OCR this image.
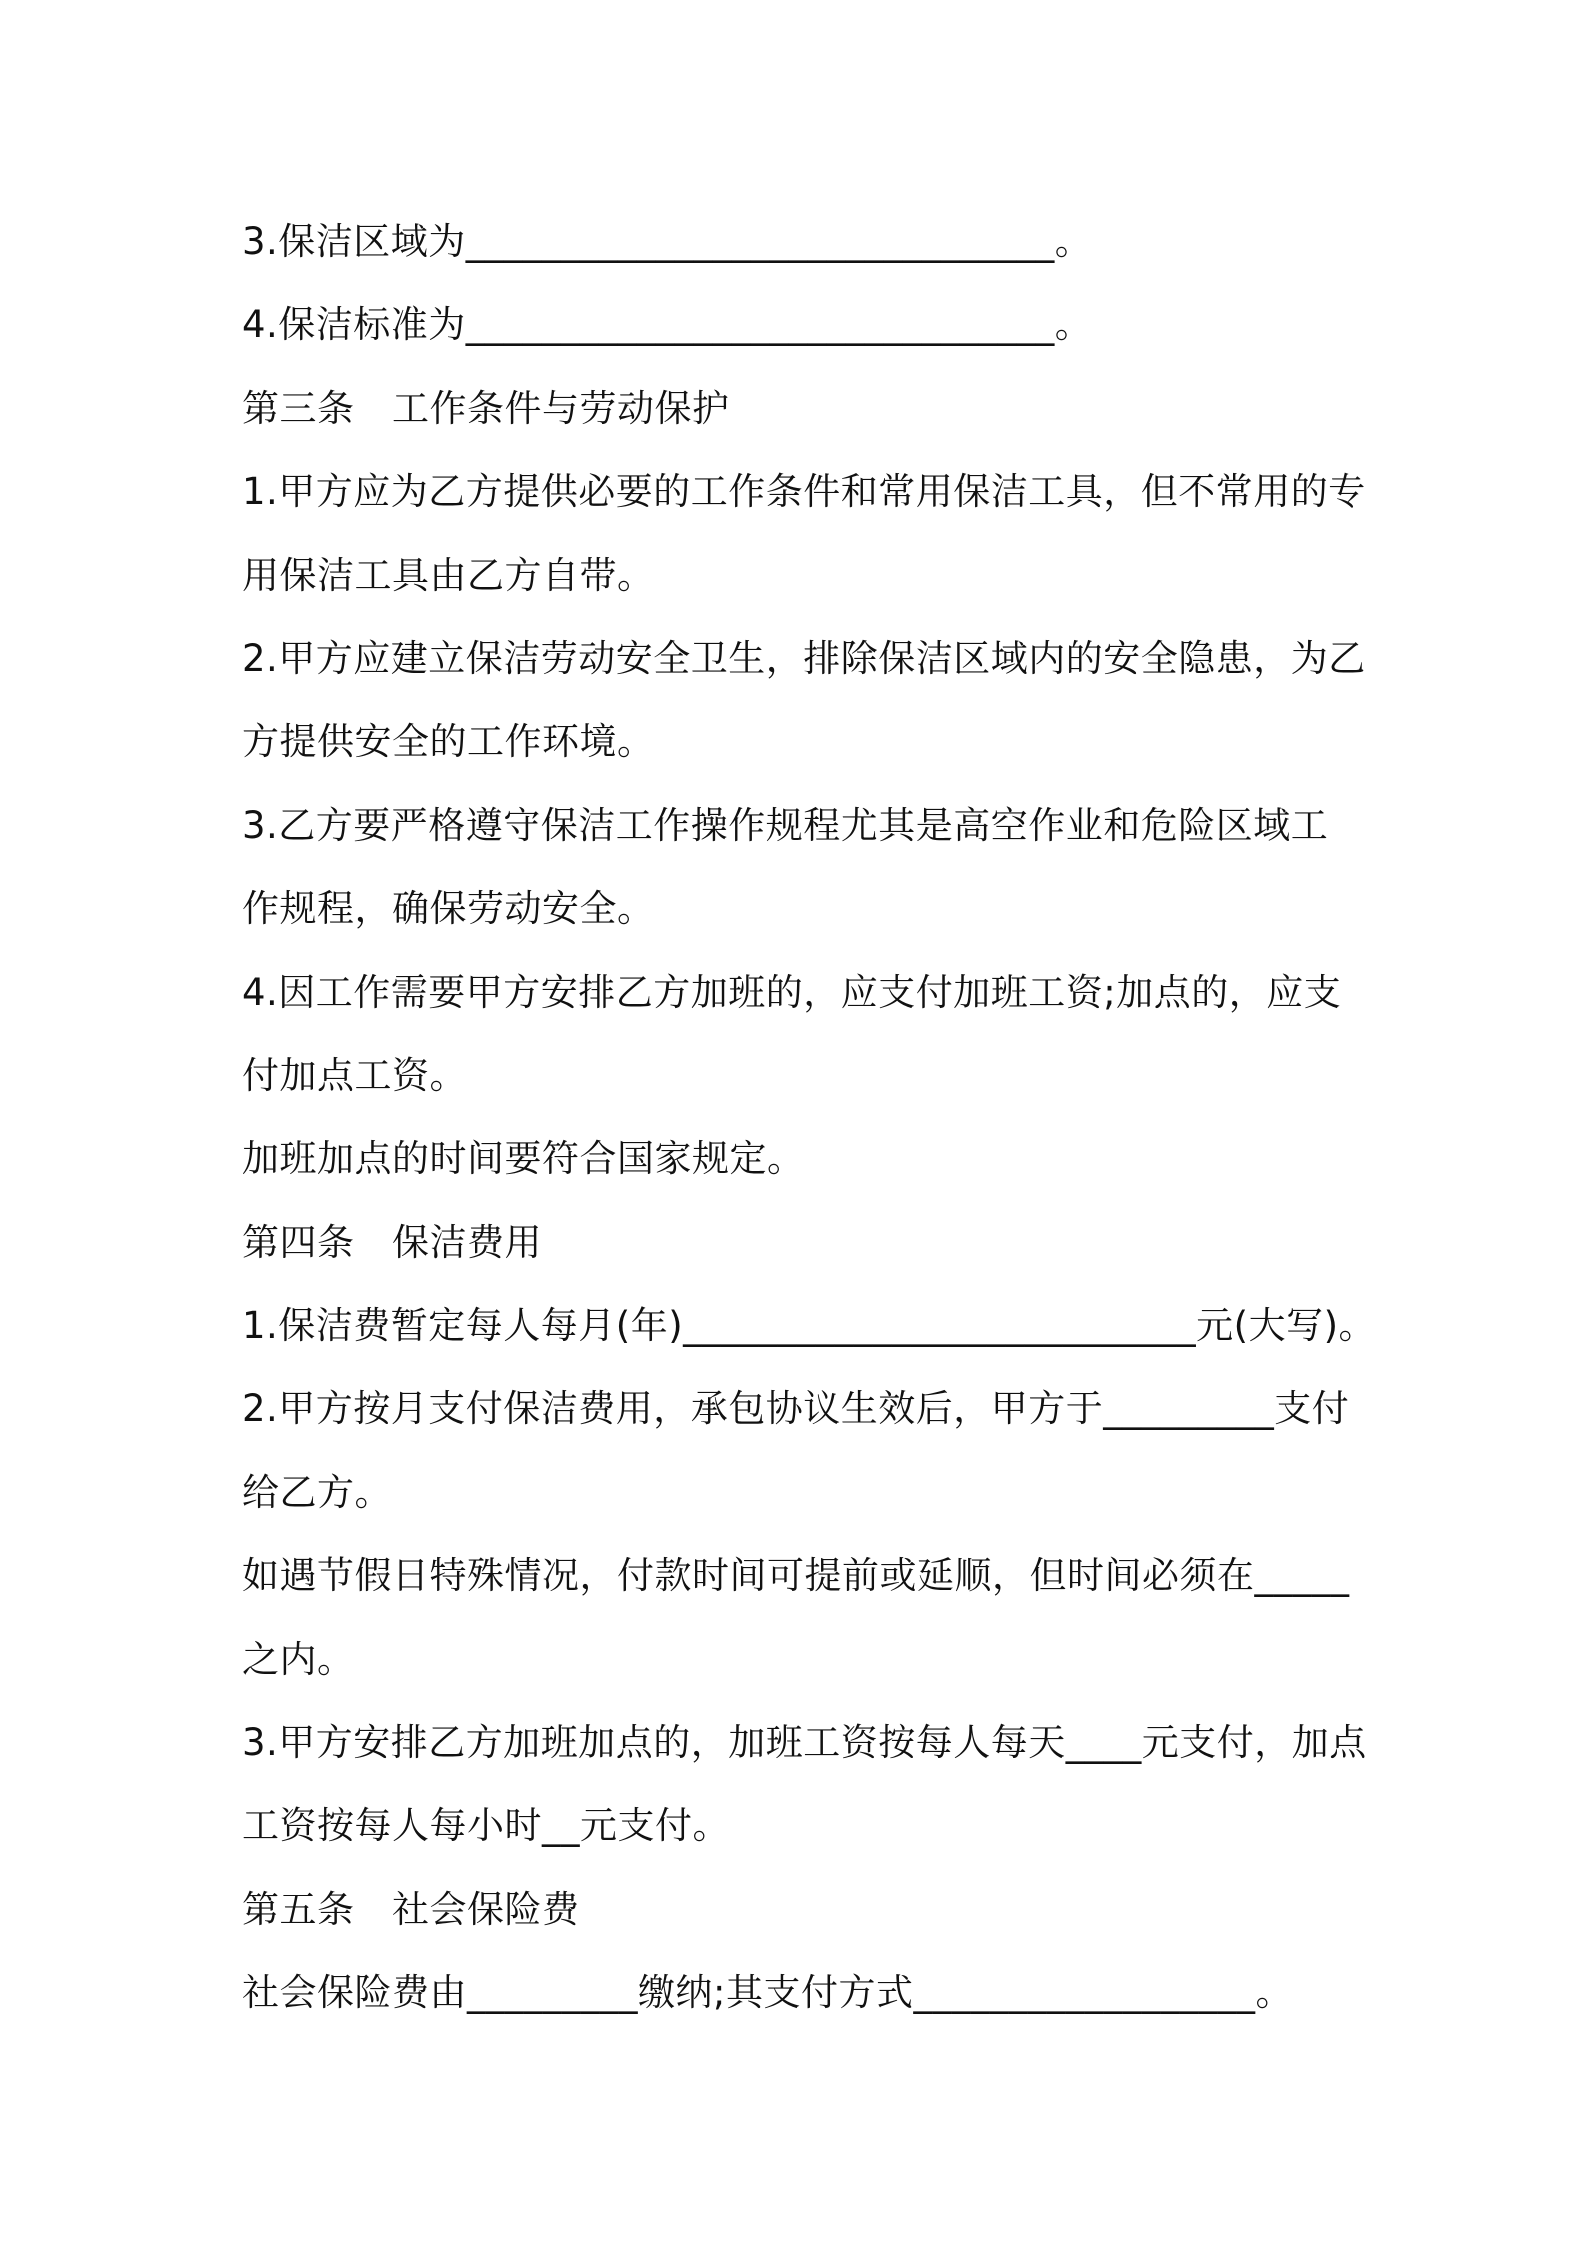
3.保洁区域为_______________________________。
4.保洁标准为_______________________________。
第三条　工作条件与劳动保护
1.甲方应为乙方提供必要的工作条件和常用保洁工具，但不常用的专
用保洁工具由乙方自带。
2.甲方应建立保洁劳动安全卫生，排除保洁区域内的安全隐患，为乙
方提供安全的工作环境。
3.乙方要严格遵守保洁工作操作规程尤其是高空作业和危险区域工
作规程，确保劳动安全。
4.因工作需要甲方安排乙方加班的，应支付加班工资;加点的，应支
付加点工资。
加班加点的时间要符合国家规定。
第四条　保洁费用
1.保洁费暂定每人每月(年)___________________________元(大写)。
2.甲方按月支付保洁费用，承包协议生效后，甲方于_________支付
给乙方。
如遇节假日特殊情况，付款时间可提前或延顺，但时间必须在_____
之内。
3.甲方安排乙方加班加点的，加班工资按每人每天____元支付，加点
工资按每人每小时__元支付。
第五条　社会保险费
社会保险费由_________缴纳;其支付方式__________________。
